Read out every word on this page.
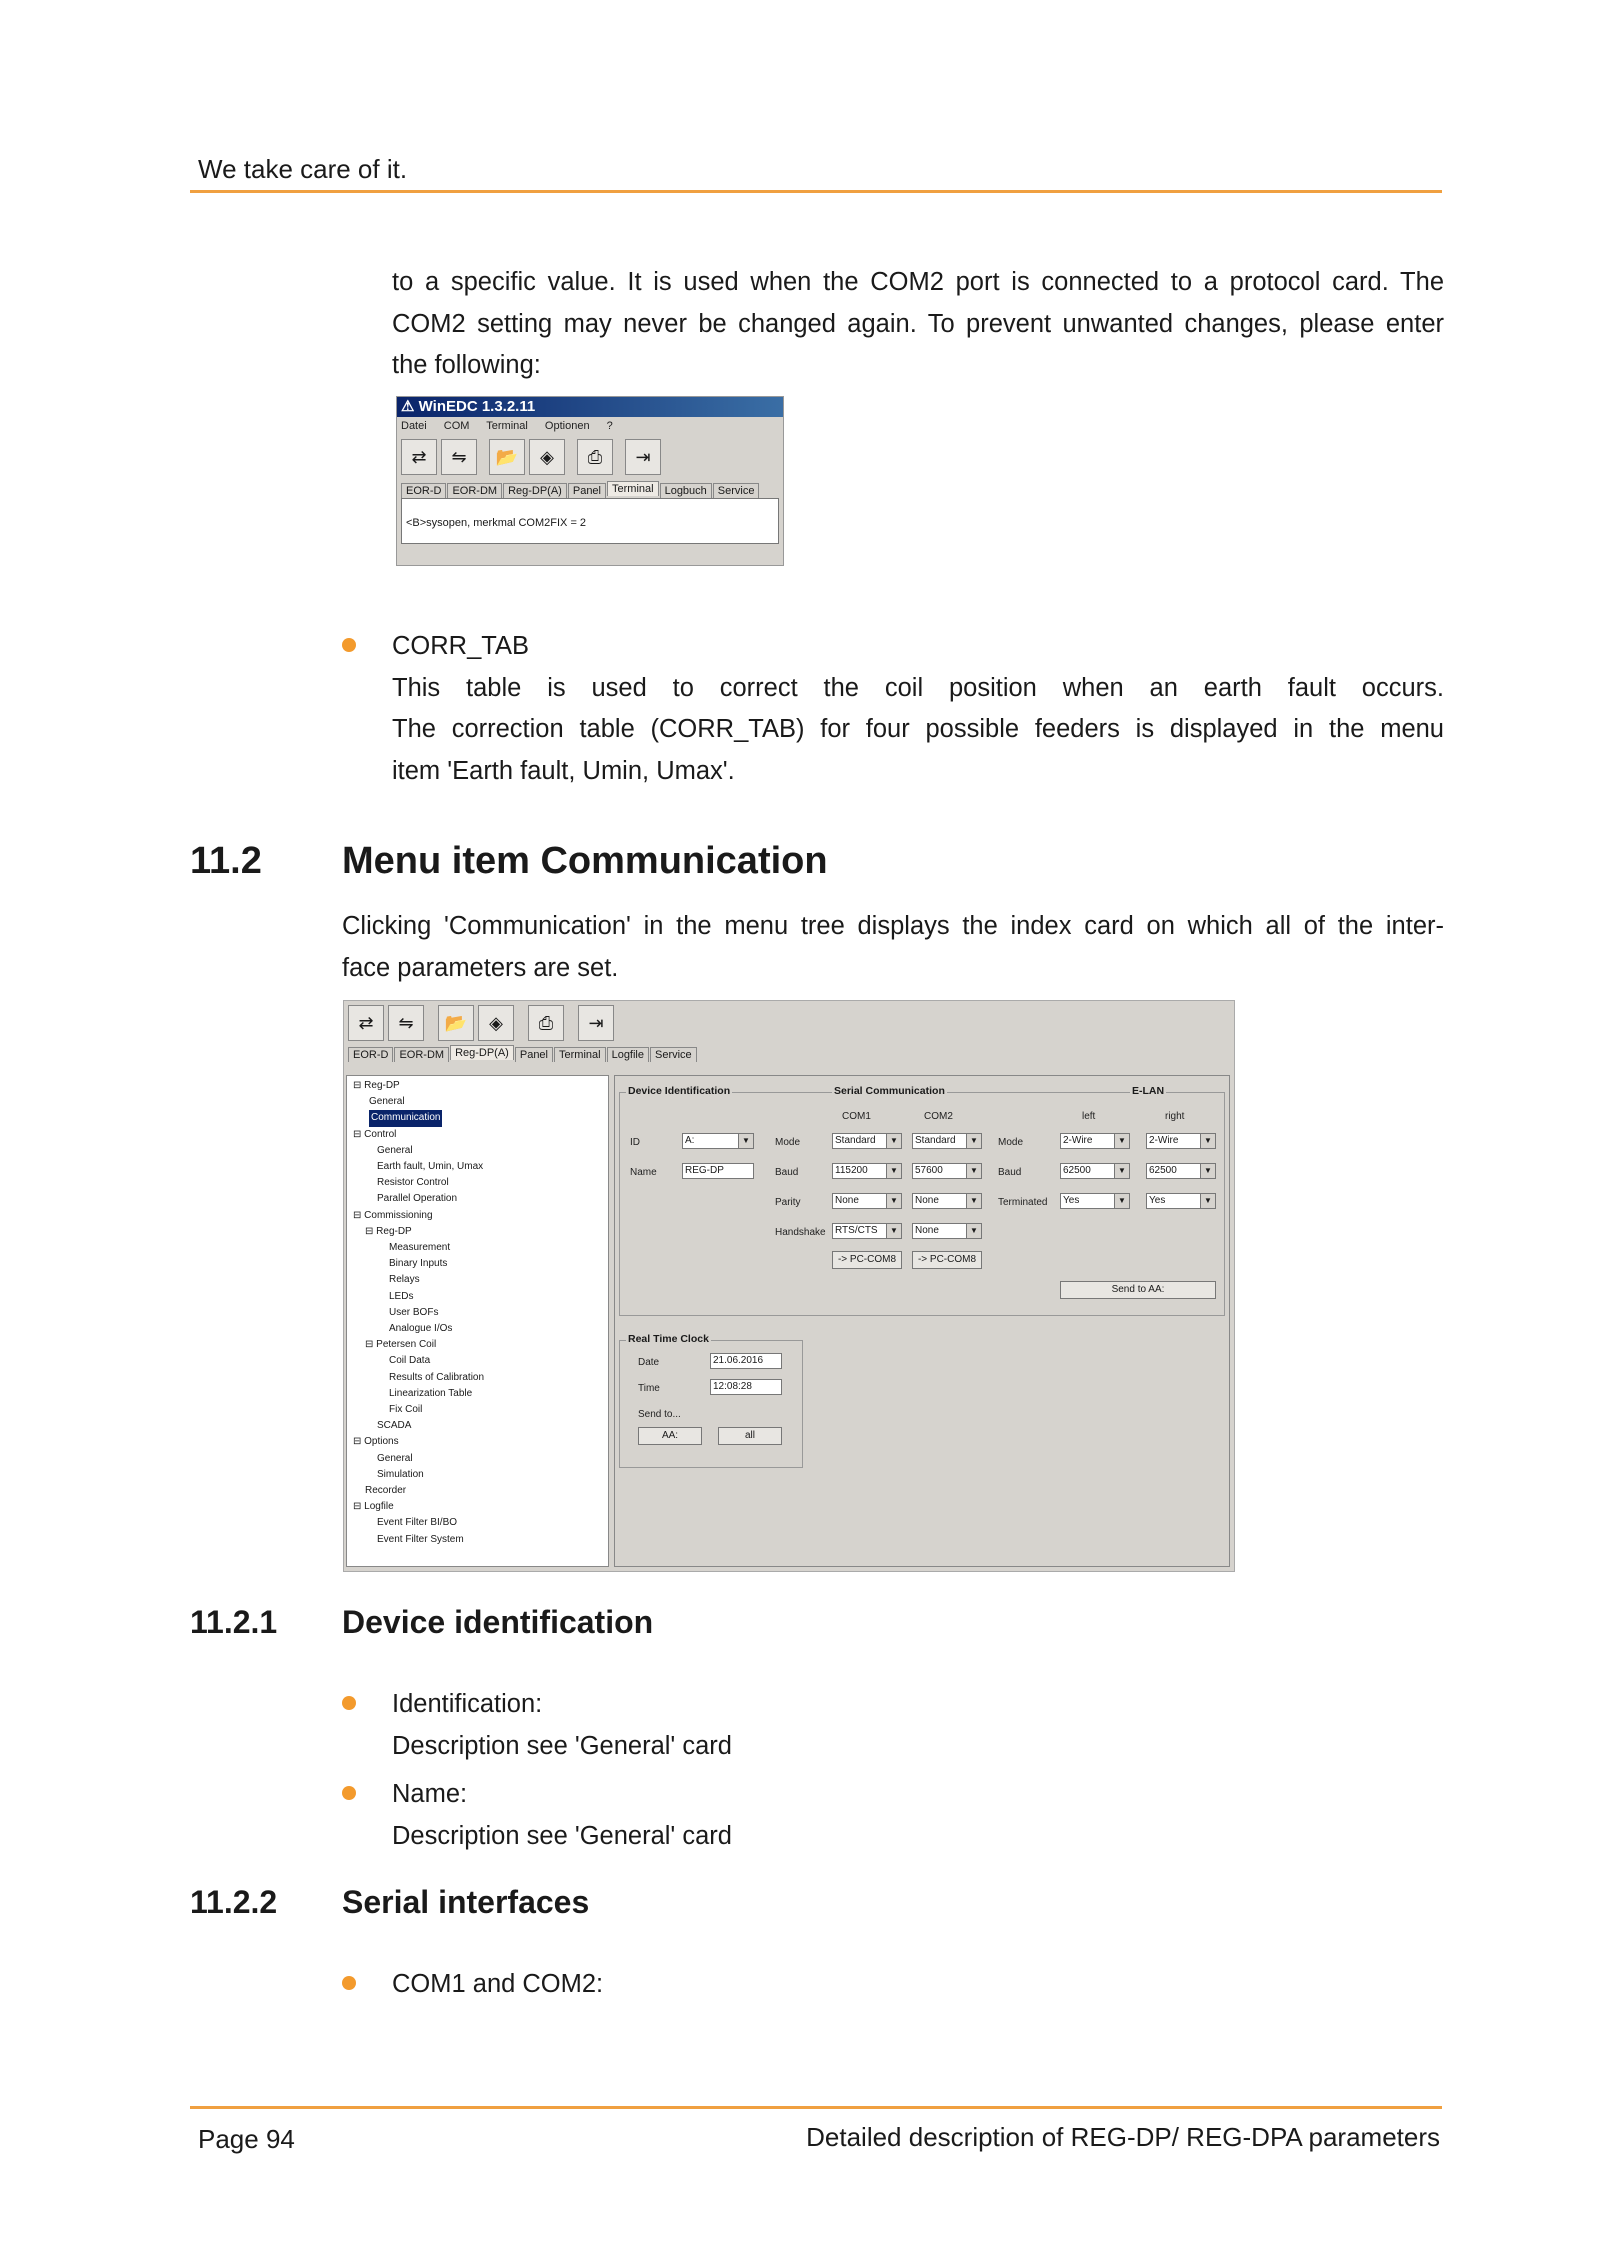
We take care of it.
to a specific value. It is used when the COM2 port is connected to a protocol card. The
COM2 setting may never be changed again. To prevent unwanted changes, please enter
the following:
⚠ WinEDC 1.3.2.11
Datei COM Terminal Optionen ?
⇄	⇋	📂	◈	⎙	⇥
EOR-D	EOR-DM	Reg-DP(A)	Panel	Terminal	Logbuch	Service
<B>sysopen, merkmal COM2FIX = 2
CORR_TAB
This table is used to correct the coil position when an earth fault occurs.
The correction table (CORR_TAB) for four possible feeders is displayed in the menu
item 'Earth fault, Umin, Umax'.
11.2 Menu item Communication
Clicking 'Communication' in the menu tree displays the index card on which all of the inter-
face parameters are set.
⇄	⇋	📂	◈	⎙	⇥
EOR-D	EOR-DM	Reg-DP(A)	Panel	Terminal	Logfile	Service
⊟ Reg-DP
General
Communication
⊟ Control
General
Earth fault, Umin, Umax
Resistor Control
Parallel Operation
⊟ Commissioning
⊟ Reg-DP
Measurement
Binary Inputs
Relays
LEDs
User BOFs
Analogue I/Os
⊟ Petersen Coil
Coil Data
Results of Calibration
Linearization Table
Fix Coil
SCADA
⊟ Options
General
Simulation
Recorder
⊟ Logfile
Event Filter BI/BO
Event Filter System
Device Identification	Serial Communication	E-LAN
ID	A:	▼
Name	REG-DP
COM1	COM2
Mode	Standard	▼	Standard	▼
Baud	115200	▼	57600	▼
Parity	None	▼	None	▼
Handshake RTS/CTS	▼	None	▼
-> PC-COM8	-> PC-COM8
left	right
Mode	2-Wire	▼	2-Wire	▼
Baud	62500	▼	62500	▼
Terminated	Yes	▼	Yes	▼
Send to AA:
Real Time Clock
Date	21.06.2016
Time	12:08:28
Send to...
AA:	all
11.2.1 Device identification
Identification:
Description see 'General' card
Name:
Description see 'General' card
11.2.2 Serial interfaces
COM1 and COM2:
Page 94	Detailed description of REG-DP/ REG-DPA parameters
